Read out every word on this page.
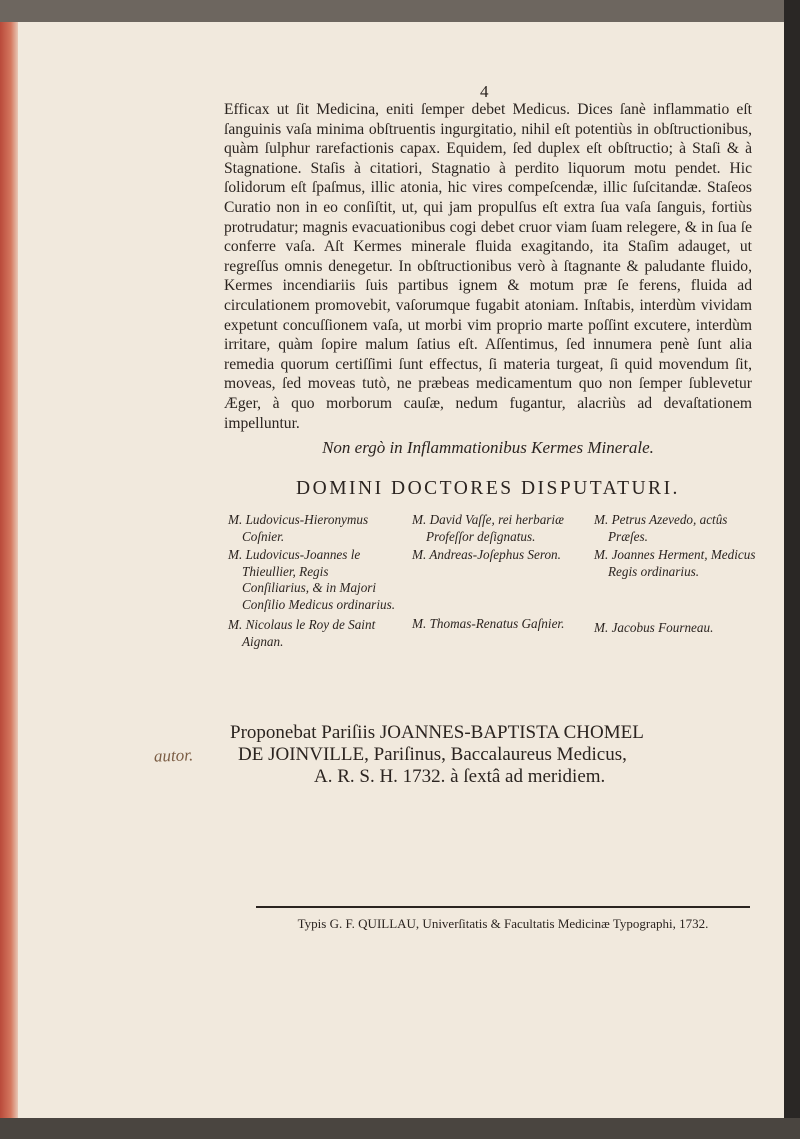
4

Efficax ut ſit Medicina, eniti ſemper debet Medicus. Dices ſanè inflammatio eſt ſanguinis vaſa minima obſtruentis ingurgitatio, nihil eſt potentiùs in obſtructionibus, quàm ſulphur rarefactionis capax. Equidem, ſed duplex eſt obſtructio; à Staſi & à Stagnatione. Staſis à citatiori, Stagnatio à perdito liquorum motu pendet. Hic ſolidorum eſt ſpaſmus, illic atonia, hic vires compeſcendæ, illic ſuſcitandæ. Staſeos Curatio non in eo conſiſtit, ut, qui jam propulſus eſt extra ſua vaſa ſanguis, fortiùs protrudatur; magnis evacuationibus cogi debet cruor viam ſuam relegere, & in ſua ſe conferre vaſa. Aſt Kermes minerale fluida exagitando, ita Staſim adauget, ut regreſſus omnis denegetur. In obſtructionibus verò à ſtagnante & paludante fluido, Kermes incendiariis ſuis partibus ignem & motum præ ſe ferens, fluida ad circulationem promovebit, vaſorumque fugabit atoniam. Inſtabis, interdùm vividam expetunt concuſſionem vaſa, ut morbi vim proprio marte poſſint excutere, interdùm irritare, quàm ſopire malum ſatius eſt. Aſſentimus, ſed innumera penè ſunt alia remedia quorum certiſſimi ſunt effectus, ſi materia turgeat, ſi quid movendum ſit, moveas, ſed moveas tutò, ne præbeas medicamentum quo non ſemper ſublevetur Æger, à quo morborum cauſæ, nedum fugantur, alacriùs ad devaſtationem impelluntur.

Non ergò in Inflammationibus Kermes Minerale.
DOMINI DOCTORES DISPUTATURI.

M. Ludovicus-Hieronymus Coſnier.

M. Ludovicus-Joannes le Thieullier, Regis Conſiliarius, & in Majori Conſilio Medicus ordinarius.

M. Nicolaus le Roy de Saint Aignan.

M. David Vaſſe, rei herbariæ Profeſſor deſignatus.

M. Andreas-Joſephus Seron.

M. Thomas-Renatus Gaſnier.

M. Petrus Azevedo, actûs Præſes.

M. Joannes Herment, Medicus Regis ordinarius.

M. Jacobus Fourneau.

Proponebat Pariſiis JOANNES-BAPTISTA CHOMEL
DE JOINVILLE, Pariſinus, Baccalaureus Medicus,
A. R. S. H. 1732. à ſextâ ad meridiem.
autor.
Typis G. F. QUILLAU, Univerſitatis & Facultatis Medicinæ Typographi, 1732.
